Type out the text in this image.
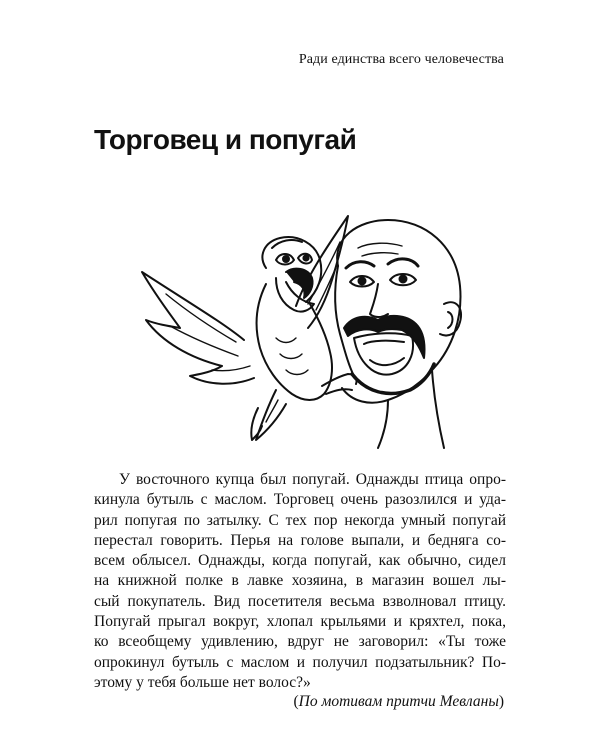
Ради единства всего человечества
Торговец и попугай
У восточного купца был попугай. Однажды птица опро-
кинула бутыль с маслом. Торговец очень разозлился и уда-
рил попугая по затылку. С тех пор некогда умный попугай
перестал говорить. Перья на голове выпали, и бедняга со-
всем облысел. Однажды, когда попугай, как обычно, сидел
на книжной полке в лавке хозяина, в магазин вошел лы-
сый покупатель. Вид посетителя весьма взволновал птицу.
Попугай прыгал вокруг, хлопал крыльями и кряхтел, пока,
ко всеобщему удивлению, вдруг не заговорил: «Ты тоже
опрокинул бутыль с маслом и получил подзатыльник? По-
этому у тебя больше нет волос?»
(По мотивам притчи Мевланы)
